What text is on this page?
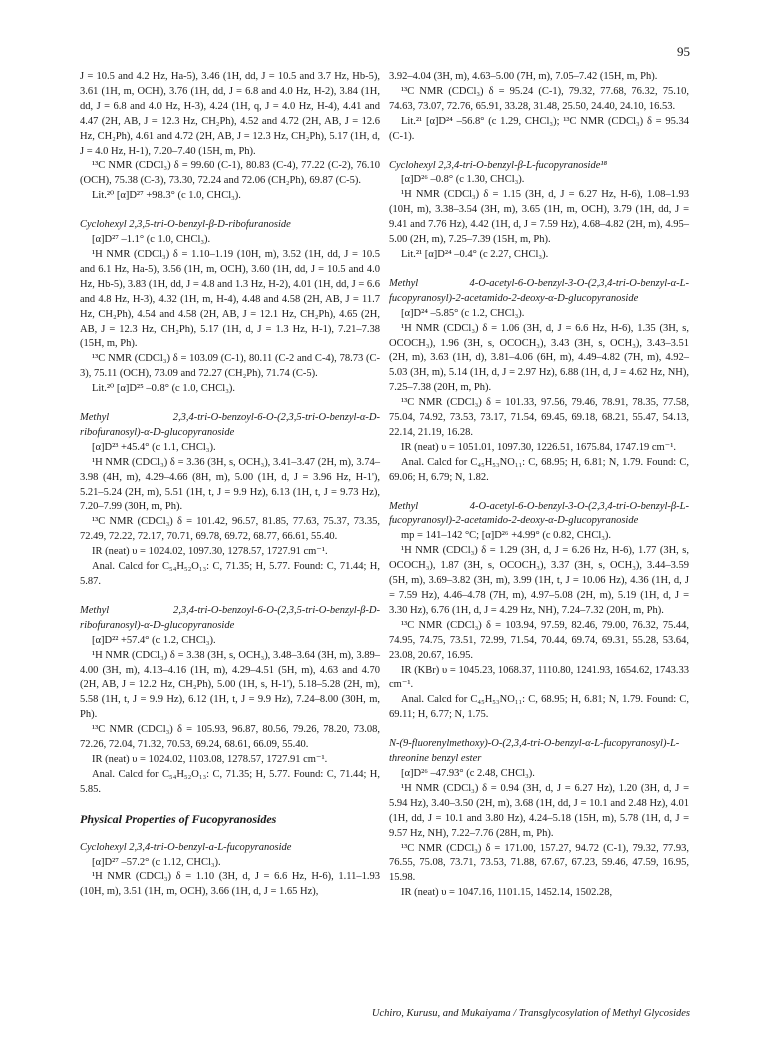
95

J = 10.5 and 4.2 Hz, Ha-5), 3.46 (1H, dd, J = 10.5 and 3.7 Hz, Hb-5), 3.61 (1H, m, OCH), 3.76 (1H, dd, J = 6.8 and 4.0 Hz, H-2), 3.84 (1H, dd, J = 6.8 and 4.0 Hz, H-3), 4.24 (1H, q, J = 4.0 Hz, H-4), 4.41 and 4.47 (2H, AB, J = 12.3 Hz, CH₂Ph), 4.52 and 4.72 (2H, AB, J = 12.6 Hz, CH₂Ph), 4.61 and 4.72 (2H, AB, J = 12.3 Hz, CH₂Ph), 5.17 (1H, d, J = 4.0 Hz, H-1), 7.20–7.40 (15H, m, Ph).

¹³C NMR (CDCl₃) δ = 99.60 (C-1), 80.83 (C-4), 77.22 (C-2), 76.10 (OCH), 75.38 (C-3), 73.30, 72.24 and 72.06 (CH₂Ph), 69.87 (C-5).

Lit.²⁰ [α]D²⁷ +98.3° (c 1.0, CHCl₃).

Cyclohexyl 2,3,5-tri-O-benzyl-β-D-ribofuranoside

[α]D²⁷ –1.1° (c 1.0, CHCl₃).

¹H NMR (CDCl₃) δ = 1.10–1.19 (10H, m), 3.52 (1H, dd, J = 10.5 and 6.1 Hz, Ha-5), 3.56 (1H, m, OCH), 3.60 (1H, dd, J = 10.5 and 4.0 Hz, Hb-5), 3.83 (1H, dd, J = 4.8 and 1.3 Hz, H-2), 4.01 (1H, dd, J = 6.6 and 4.8 Hz, H-3), 4.32 (1H, m, H-4), 4.48 and 4.58 (2H, AB, J = 11.7 Hz, CH₂Ph), 4.54 and 4.58 (2H, AB, J = 12.1 Hz, CH₂Ph), 4.65 (2H, AB, J = 12.3 Hz, CH₂Ph), 5.17 (1H, d, J = 1.3 Hz, H-1), 7.21–7.38 (15H, m, Ph).

¹³C NMR (CDCl₃) δ = 103.09 (C-1), 80.11 (C-2 and C-4), 78.73 (C-3), 75.11 (OCH), 73.09 and 72.27 (CH₂Ph), 71.74 (C-5).

Lit.²⁰ [α]D²⁵ –0.8° (c 1.0, CHCl₃).

Methyl 2,3,4-tri-O-benzoyl-6-O-(2,3,5-tri-O-benzyl-α-D-ribofuranosyl)-α-D-glucopyranoside

[α]D²³ +45.4° (c 1.1, CHCl₃).

¹H NMR (CDCl₃) δ = 3.36 (3H, s, OCH₃), 3.41–3.47 (2H, m), 3.74–3.98 (4H, m), 4.29–4.66 (8H, m), 5.00 (1H, d, J = 3.96 Hz, H-1'), 5.21–5.24 (2H, m), 5.51 (1H, t, J = 9.9 Hz), 6.13 (1H, t, J = 9.73 Hz), 7.20–7.99 (30H, m, Ph).

¹³C NMR (CDCl₃) δ = 101.42, 96.57, 81.85, 77.63, 75.37, 73.35, 72.49, 72.22, 72.17, 70.71, 69.78, 69.72, 68.77, 66.61, 55.40.

IR (neat) υ = 1024.02, 1097.30, 1278.57, 1727.91 cm⁻¹.

Anal. Calcd for C₅₄H₅₂O₁₃: C, 71.35; H, 5.77. Found: C, 71.44; H, 5.87.

Methyl 2,3,4-tri-O-benzoyl-6-O-(2,3,5-tri-O-benzyl-β-D-ribofuranosyl)-α-D-glucopyranoside

[α]D²² +57.4° (c 1.2, CHCl₃).

¹H NMR (CDCl₃) δ = 3.38 (3H, s, OCH₃), 3.48–3.64 (3H, m), 3.89–4.00 (3H, m), 4.13–4.16 (1H, m), 4.29–4.51 (5H, m), 4.63 and 4.70 (2H, AB, J = 12.2 Hz, CH₂Ph), 5.00 (1H, s, H-1'), 5.18–5.28 (2H, m), 5.58 (1H, t, J = 9.9 Hz), 6.12 (1H, t, J = 9.9 Hz), 7.24–8.00 (30H, m, Ph).

¹³C NMR (CDCl₃) δ = 105.93, 96.87, 80.56, 79.26, 78.20, 73.08, 72.26, 72.04, 71.32, 70.53, 69.24, 68.61, 66.09, 55.40.

IR (neat) υ = 1024.02, 1103.08, 1278.57, 1727.91 cm⁻¹.

Anal. Calcd for C₅₄H₅₂O₁₃: C, 71.35; H, 5.77. Found: C, 71.44; H, 5.85.

Physical Properties of Fucopyranosides

Cyclohexyl 2,3,4-tri-O-benzyl-a-L-fucopyranoside

[α]D²⁷ –57.2° (c 1.12, CHCl₃).

¹H NMR (CDCl₃) δ = 1.10 (3H, d, J = 6.6 Hz, H-6), 1.11–1.93 (10H, m), 3.51 (1H, m, OCH), 3.66 (1H, d, J = 1.65 Hz),

3.92–4.04 (3H, m), 4.63–5.00 (7H, m), 7.05–7.42 (15H, m, Ph).

¹³C NMR (CDCl₃) δ = 95.24 (C-1), 79.32, 77.68, 76.32, 75.10, 74.63, 73.07, 72.76, 65.91, 33.28, 31.48, 25.50, 24.40, 24.10, 16.53.

Lit.²¹ [α]D²⁴ –56.8° (c 1.29, CHCl₃); ¹³C NMR (CDCl₃) δ = 95.34 (C-1).

Cyclohexyl 2,3,4-tri-O-benzyl-β-L-fucopyranoside¹⁸

[α]D²⁶ –0.8° (c 1.30, CHCl₃).

¹H NMR (CDCl₃) δ = 1.15 (3H, d, J = 6.27 Hz, H-6), 1.08–1.93 (10H, m), 3.38–3.54 (3H, m), 3.65 (1H, m, OCH), 3.79 (1H, dd, J = 9.41 and 7.76 Hz), 4.42 (1H, d, J = 7.59 Hz), 4.68–4.82 (2H, m), 4.95–5.00 (2H, m), 7.25–7.39 (15H, m, Ph).

Lit.²¹ [α]D²⁴ –0.4° (c 2.27, CHCl₃).

Methyl 4-O-acetyl-6-O-benzyl-3-O-(2,3,4-tri-O-benzyl-α-L-fucopyranosyl)-2-acetamido-2-deoxy-α-D-glucopyranoside

[α]D²⁴ –5.85° (c 1.2, CHCl₃).

¹H NMR (CDCl₃) δ = 1.06 (3H, d, J = 6.6 Hz, H-6), 1.35 (3H, s, OCOCH₃), 1.96 (3H, s, OCOCH₃), 3.43 (3H, s, OCH₃), 3.43–3.51 (2H, m), 3.63 (1H, d), 3.81–4.06 (6H, m), 4.49–4.82 (7H, m), 4.92–5.03 (3H, m), 5.14 (1H, d, J = 2.97 Hz), 6.88 (1H, d, J = 4.62 Hz, NH), 7.25–7.38 (20H, m, Ph).

¹³C NMR (CDCl₃) δ = 101.33, 97.56, 79.46, 78.91, 78.35, 77.58, 75.04, 74.92, 73.53, 73.17, 71.54, 69.45, 69.18, 68.21, 55.47, 54.13, 22.14, 21.19, 16.28.

IR (neat) υ = 1051.01, 1097.30, 1226.51, 1675.84, 1747.19 cm⁻¹.

Anal. Calcd for C₄₅H₅₃NO₁₁: C, 68.95; H, 6.81; N, 1.79. Found: C, 69.06; H, 6.79; N, 1.82.

Methyl 4-O-acetyl-6-O-benzyl-3-O-(2,3,4-tri-O-benzyl-β-L-fucopyranosyl)-2-acetamido-2-deoxy-α-D-glucopyranoside

mp = 141–142 °C; [α]D²⁶ +4.99° (c 0.82, CHCl₃).

¹H NMR (CDCl₃) δ = 1.29 (3H, d, J = 6.26 Hz, H-6), 1.77 (3H, s, OCOCH₃), 1.87 (3H, s, OCOCH₃), 3.37 (3H, s, OCH₃), 3.44–3.59 (5H, m), 3.69–3.82 (3H, m), 3.99 (1H, t, J = 10.06 Hz), 4.36 (1H, d, J = 7.59 Hz), 4.46–4.78 (7H, m), 4.97–5.08 (2H, m), 5.19 (1H, d, J = 3.30 Hz), 6.76 (1H, d, J = 4.29 Hz, NH), 7.24–7.32 (20H, m, Ph).

¹³C NMR (CDCl₃) δ = 103.94, 97.59, 82.46, 79.00, 76.32, 75.44, 74.95, 74.75, 73.51, 72.99, 71.54, 70.44, 69.74, 69.31, 55.28, 53.64, 23.08, 20.67, 16.95.

IR (KBr) υ = 1045.23, 1068.37, 1110.80, 1241.93, 1654.62, 1743.33 cm⁻¹.

Anal. Calcd for C₄₅H₅₃NO₁₁: C, 68.95; H, 6.81; N, 1.79. Found: C, 69.11; H, 6.77; N, 1.75.

N-(9-fluorenylmethoxy)-O-(2,3,4-tri-O-benzyl-α-L-fucopyranosyl)-L-threonine benzyl ester

[α]D²⁶ –47.93° (c 2.48, CHCl₃).

¹H NMR (CDCl₃) δ = 0.94 (3H, d, J = 6.27 Hz), 1.20 (3H, d, J = 5.94 Hz), 3.40–3.50 (2H, m), 3.68 (1H, dd, J = 10.1 and 2.48 Hz), 4.01 (1H, dd, J = 10.1 and 3.80 Hz), 4.24–5.18 (15H, m), 5.78 (1H, d, J = 9.57 Hz, NH), 7.22–7.76 (28H, m, Ph).

¹³C NMR (CDCl₃) δ = 171.00, 157.27, 94.72 (C-1), 79.32, 77.93, 76.55, 75.08, 73.71, 73.53, 71.88, 67.67, 67.23, 59.46, 47.59, 16.95, 15.98.

IR (neat) υ = 1047.16, 1101.15, 1452.14, 1502.28,

Uchiro, Kurusu, and Mukaiyama / Transglycosylation of Methyl Glycosides
